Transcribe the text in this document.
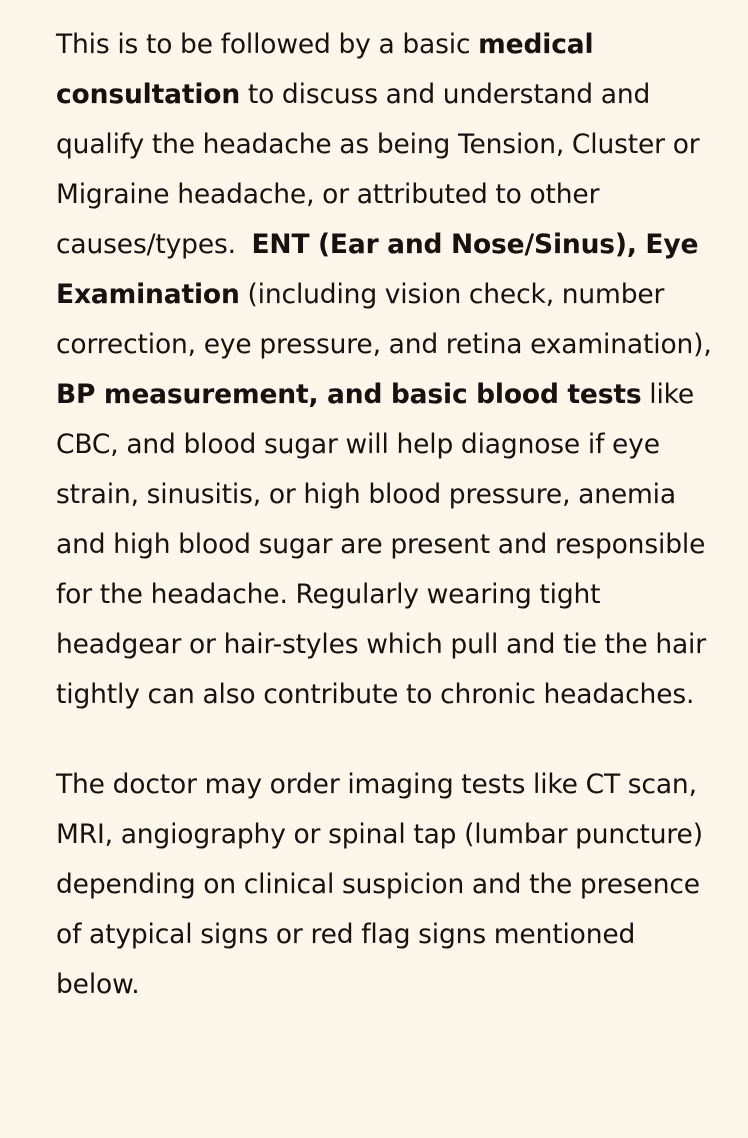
This is to be followed by a basic medical consultation to discuss and understand and qualify the headache as being Tension, Cluster or Migraine headache, or attributed to other causes/types.  ENT (Ear and Nose/Sinus), Eye Examination (including vision check, number correction, eye pressure, and retina examination), BP measurement, and basic blood tests like CBC, and blood sugar will help diagnose if eye strain, sinusitis, or high blood pressure, anemia and high blood sugar are present and responsible for the headache. Regularly wearing tight headgear or hair-styles which pull and tie the hair tightly can also contribute to chronic headaches.

The doctor may order imaging tests like CT scan, MRI, angiography or spinal tap (lumbar puncture) depending on clinical suspicion and the presence of atypical signs or red flag signs mentioned below.
